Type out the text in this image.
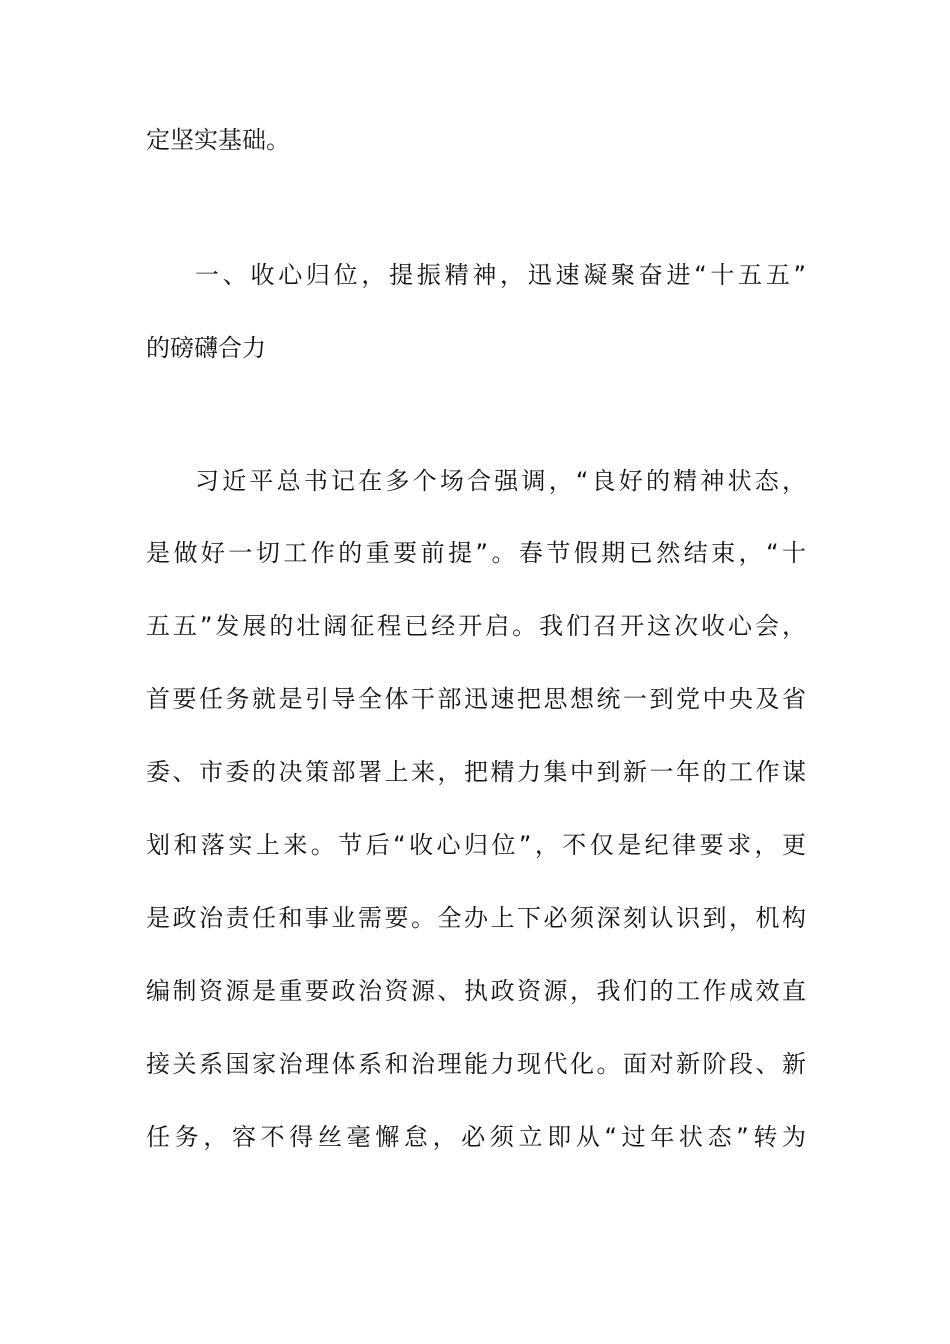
定坚实基础。
一、收心归位，提振精神，迅速凝聚奋进“十五五”
的磅礴合力
习近平总书记在多个场合强调，“良好的精神状态，
是做好一切工作的重要前提”。春节假期已然结束，“十
五五”发展的壮阔征程已经开启。我们召开这次收心会，
首要任务就是引导全体干部迅速把思想统一到党中央及省
委、市委的决策部署上来，把精力集中到新一年的工作谋
划和落实上来。节后“收心归位”，不仅是纪律要求，更
是政治责任和事业需要。全办上下必须深刻认识到，机构
编制资源是重要政治资源、执政资源，我们的工作成效直
接关系国家治理体系和治理能力现代化。面对新阶段、新
任务，容不得丝毫懈怠，必须立即从“过年状态”转为
